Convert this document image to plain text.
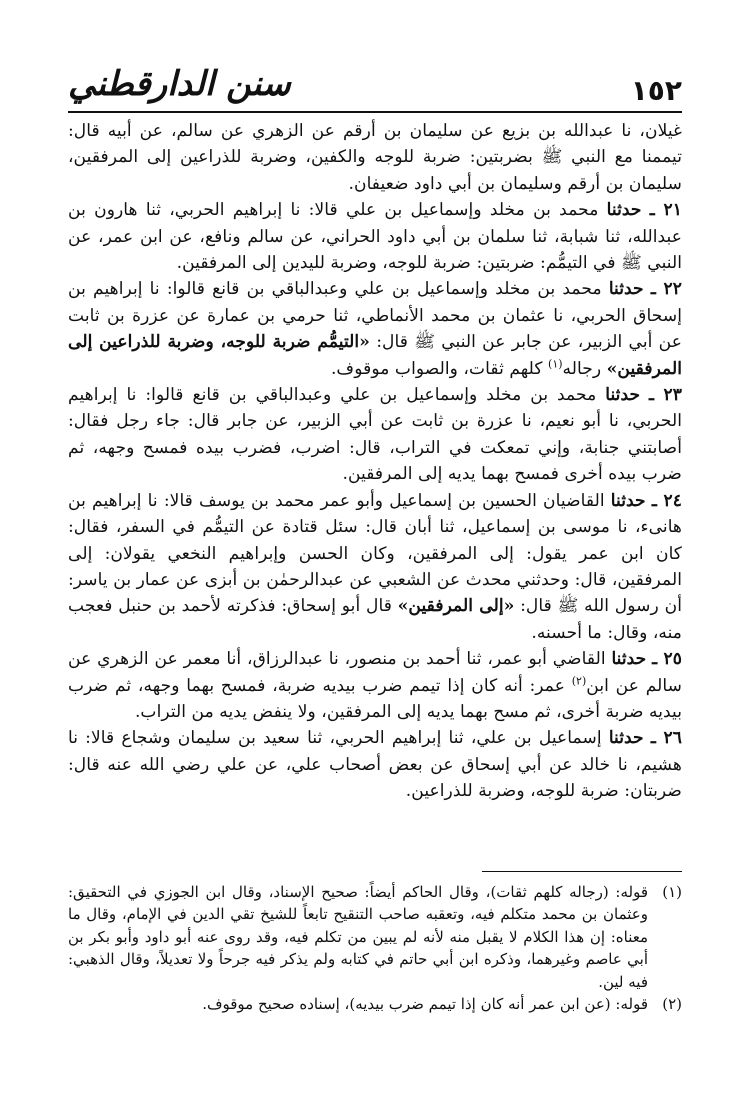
١٥٢
سنن الدارقطني

غيلان، نا عبدالله بن بزيع عن سليمان بن أرقم عن الزهري عن سالم، عن أبيه قال: تيممنا مع النبي ﷺ بضربتين: ضربة للوجه والكفين، وضربة للذراعين إلى المرفقين، سليمان بن أرقم وسليمان بن أبي داود ضعيفان.

٢١ ـ حدثنا محمد بن مخلد وإسماعيل بن علي قالا: نا إبراهيم الحربي، ثنا هارون بن عبدالله، ثنا شبابة، ثنا سلمان بن أبي داود الحراني، عن سالم ونافع، عن ابن عمر، عن النبي ﷺ في التيمُّم: ضربتين: ضربة للوجه، وضربة لليدين إلى المرفقين.

٢٢ ـ حدثنا محمد بن مخلد وإسماعيل بن علي وعبدالباقي بن قانع قالوا: نا إبراهيم بن إسحاق الحربي، نا عثمان بن محمد الأنماطي، ثنا حرمي بن عمارة عن عزرة بن ثابت عن أبي الزبير، عن جابر عن النبي ﷺ قال: «التيمُّم ضربة للوجه، وضربة للذراعين إلى المرفقين» رجاله$^{(١)}$ كلهم ثقات، والصواب موقوف.

٢٣ ـ حدثنا محمد بن مخلد وإسماعيل بن علي وعبدالباقي بن قانع قالوا: نا إبراهيم الحربي، نا أبو نعيم، نا عزرة بن ثابت عن أبي الزبير، عن جابر قال: جاء رجل فقال: أصابتني جنابة، وإني تمعكت في التراب، قال: اضرب، فضرب بيده فمسح وجهه، ثم ضرب بيده أخرى فمسح بهما يديه إلى المرفقين.

٢٤ ـ حدثنا القاضيان الحسين بن إسماعيل وأبو عمر محمد بن يوسف قالا: نا إبراهيم بن هانىء، نا موسى بن إسماعيل، ثنا أبان قال: سئل قتادة عن التيمُّم في السفر، فقال: كان ابن عمر يقول: إلى المرفقين، وكان الحسن وإبراهيم النخعي يقولان: إلى المرفقين، قال: وحدثني محدث عن الشعبي عن عبدالرحمٰن بن أبزى عن عمار بن ياسر: أن رسول الله ﷺ قال: «إلى المرفقين» قال أبو إسحاق: فذكرته لأحمد بن حنبل فعجب منه، وقال: ما أحسنه.

٢٥ ـ حدثنا القاضي أبو عمر، ثنا أحمد بن منصور، نا عبدالرزاق، أنا معمر عن الزهري عن سالم عن ابن$^{(٢)}$ عمر: أنه كان إذا تيمم ضرب بيديه ضربة، فمسح بهما وجهه، ثم ضرب بيديه ضربة أخرى، ثم مسح بهما يديه إلى المرفقين، ولا ينفض يديه من التراب.

٢٦ ـ حدثنا إسماعيل بن علي، ثنا إبراهيم الحربي، ثنا سعيد بن سليمان وشجاع قالا: نا هشيم، نا خالد عن أبي إسحاق عن بعض أصحاب علي، عن علي رضي الله عنه قال: ضربتان: ضربة للوجه، وضربة للذراعين.

(١)
قوله: (رجاله كلهم ثقات)، وقال الحاكم أيضاً: صحيح الإسناد، وقال ابن الجوزي في التحقيق: وعثمان بن محمد متكلم فيه، وتعقبه صاحب التنقيح تابعاً للشيخ تقي الدين في الإمام، وقال ما معناه: إن هذا الكلام لا يقبل منه لأنه لم يبين من تكلم فيه، وقد روى عنه أبو داود وأبو بكر بن أبي عاصم وغيرهما، وذكره ابن أبي حاتم في كتابه ولم يذكر فيه جرحاً ولا تعديلاً، وقال الذهبي: فيه لين.
(٢)
قوله: (عن ابن عمر أنه كان إذا تيمم ضرب بيديه)، إسناده صحيح موقوف.
